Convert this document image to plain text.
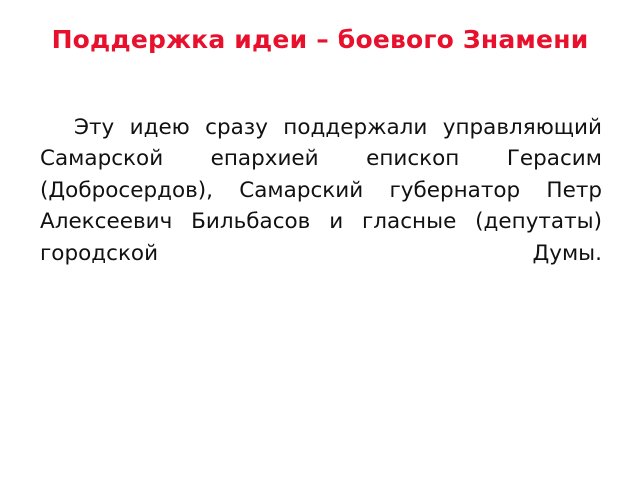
Поддержка идеи – боевого Знамени
Эту идею сразу поддержали управляющий Самарской епархией епископ Герасим (Добросердов), Самарский губернатор Петр Алексеевич Бильбасов и гласные (депутаты) городской Думы.
